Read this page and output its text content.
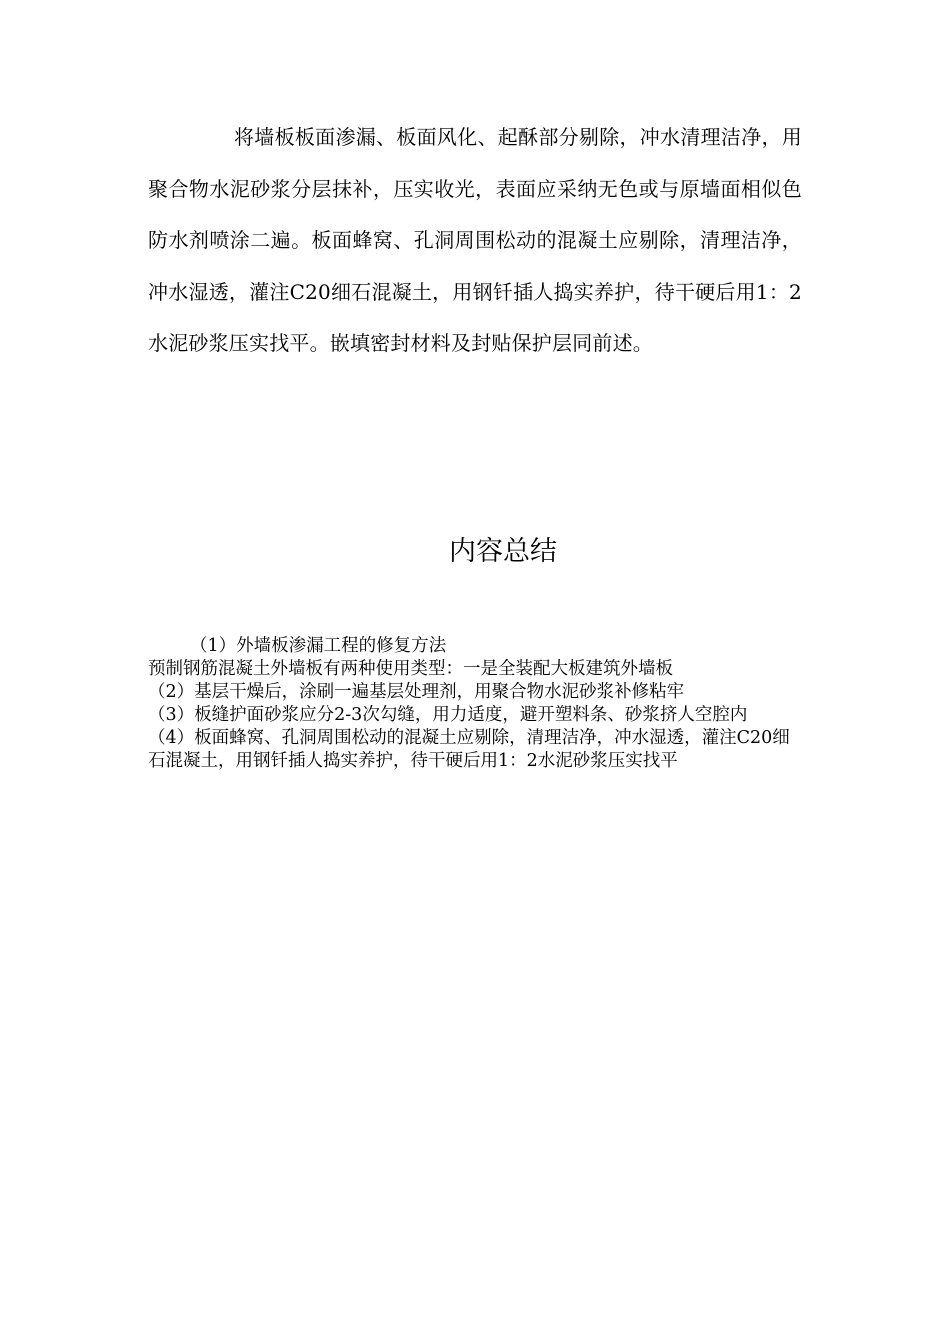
将墙板板面渗漏、板面风化、起酥部分剔除，冲水清理洁净，用聚合物水泥砂浆分层抹补，压实收光，表面应采纳无色或与原墙面相似色防水剂喷涂二遍。板面蜂窝、孔洞周围松动的混凝土应剔除，清理洁净，冲水湿透，灌注C20细石混凝土，用钢钎插人捣实养护，待干硬后用1：2水泥砂浆压实找平。嵌填密封材料及封贴保护层同前述。

内容总结
（1）外墙板渗漏工程的修复方法
预制钢筋混凝土外墙板有两种使用类型：一是全装配大板建筑外墙板
（2）基层干燥后，涂刷一遍基层处理剂，用聚合物水泥砂浆补修粘牢
（3）板缝护面砂浆应分2-3次勾缝，用力适度，避开塑料条、砂浆挤人空腔内
（4）板面蜂窝、孔洞周围松动的混凝土应剔除，清理洁净，冲水湿透，灌注C20细石混凝土，用钢钎插人捣实养护，待干硬后用1：2水泥砂浆压实找平
